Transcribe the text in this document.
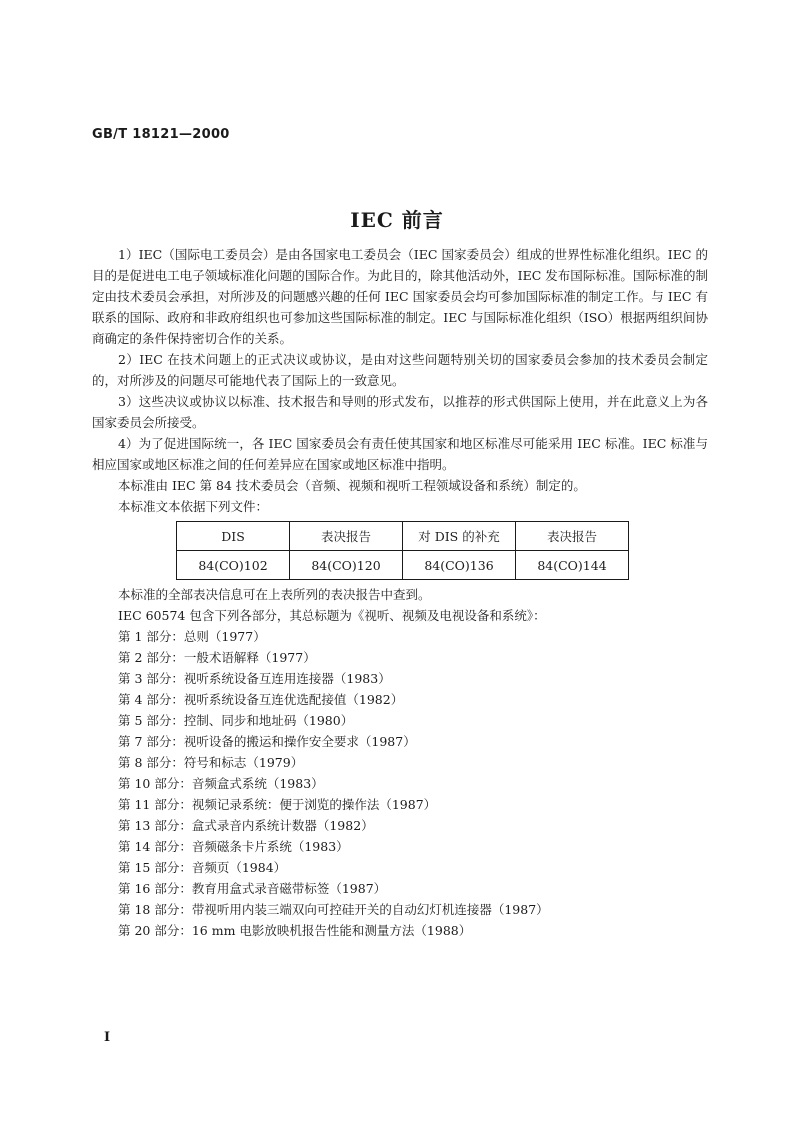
GB/T 18121—2000
IEC 前言

1）IEC（国际电工委员会）是由各国家电工委员会（IEC 国家委员会）组成的世界性标准化组织。IEC 的目的是促进电工电子领域标准化问题的国际合作。为此目的，除其他活动外，IEC 发布国际标准。国际标准的制定由技术委员会承担，对所涉及的问题感兴趣的任何 IEC 国家委员会均可参加国际标准的制定工作。与 IEC 有联系的国际、政府和非政府组织也可参加这些国际标准的制定。IEC 与国际标准化组织（ISO）根据两组织间协商确定的条件保持密切合作的关系。

2）IEC 在技术问题上的正式决议或协议，是由对这些问题特别关切的国家委员会参加的技术委员会制定的，对所涉及的问题尽可能地代表了国际上的一致意见。

3）这些决议或协议以标准、技术报告和导则的形式发布，以推荐的形式供国际上使用，并在此意义上为各国家委员会所接受。

4）为了促进国际统一，各 IEC 国家委员会有责任使其国家和地区标准尽可能采用 IEC 标准。IEC 标准与相应国家或地区标准之间的任何差异应在国家或地区标准中指明。

本标准由 IEC 第 84 技术委员会（音频、视频和视听工程领域设备和系统）制定的。

本标准文本依据下列文件：

DIS	表决报告	对 DIS 的补充	表决报告
84(CO)102	84(CO)120	84(CO)136	84(CO)144

本标准的全部表决信息可在上表所列的表决报告中查到。

IEC 60574 包含下列各部分，其总标题为《视听、视频及电视设备和系统》：

第 1 部分：总则（1977）
第 2 部分：一般术语解释（1977）
第 3 部分：视听系统设备互连用连接器（1983）
第 4 部分：视听系统设备互连优选配接值（1982）
第 5 部分：控制、同步和地址码（1980）
第 7 部分：视听设备的搬运和操作安全要求（1987）
第 8 部分：符号和标志（1979）
第 10 部分：音频盒式系统（1983）
第 11 部分：视频记录系统：便于浏览的操作法（1987）
第 13 部分：盒式录音内系统计数器（1982）
第 14 部分：音频磁条卡片系统（1983）
第 15 部分：音频页（1984）
第 16 部分：教育用盒式录音磁带标签（1987）
第 18 部分：带视听用内装三端双向可控硅开关的自动幻灯机连接器（1987）
第 20 部分：16 mm 电影放映机报告性能和测量方法（1988）
I
